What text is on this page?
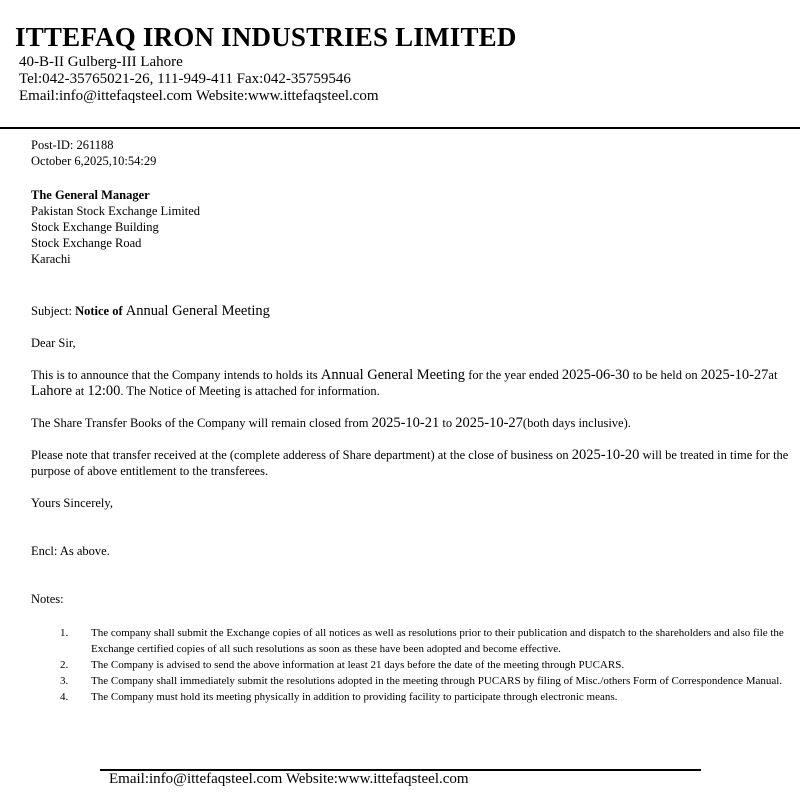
ITTEFAQ IRON INDUSTRIES LIMITED
40-B-II Gulberg-III Lahore
Tel:042-35765021-26, 111-949-411 Fax:042-35759546
Email:info@ittefaqsteel.com Website:www.ittefaqsteel.com
Post-ID: 261188
October 6,2025,10:54:29
The General Manager
Pakistan Stock Exchange Limited
Stock Exchange Building
Stock Exchange Road
Karachi
Subject: Notice of Annual General Meeting
Dear Sir,
This is to announce that the Company intends to holds its Annual General Meeting for the year ended 2025-06-30 to be held on 2025-10-27at Lahore at 12:00. The Notice of Meeting is attached for information.
The Share Transfer Books of the Company will remain closed from 2025-10-21 to 2025-10-27(both days inclusive).
Please note that transfer received at the (complete adderess of Share department) at the close of business on 2025-10-20 will be treated in time for the purpose of above entitlement to the transferees.
Yours Sincerely,
Encl: As above.
Notes:
1. The company shall submit the Exchange copies of all notices as well as resolutions prior to their publication and dispatch to the shareholders and also file the Exchange certified copies of all such resolutions as soon as these have been adopted and become effective.
2. The Company is advised to send the above information at least 21 days before the date of the meeting through PUCARS.
3. The Company shall immediately submit the resolutions adopted in the meeting through PUCARS by filing of Misc./others Form of Correspondence Manual.
4. The Company must hold its meeting physically in addition to providing facility to participate through electronic means.
Email:info@ittefaqsteel.com Website:www.ittefaqsteel.com
